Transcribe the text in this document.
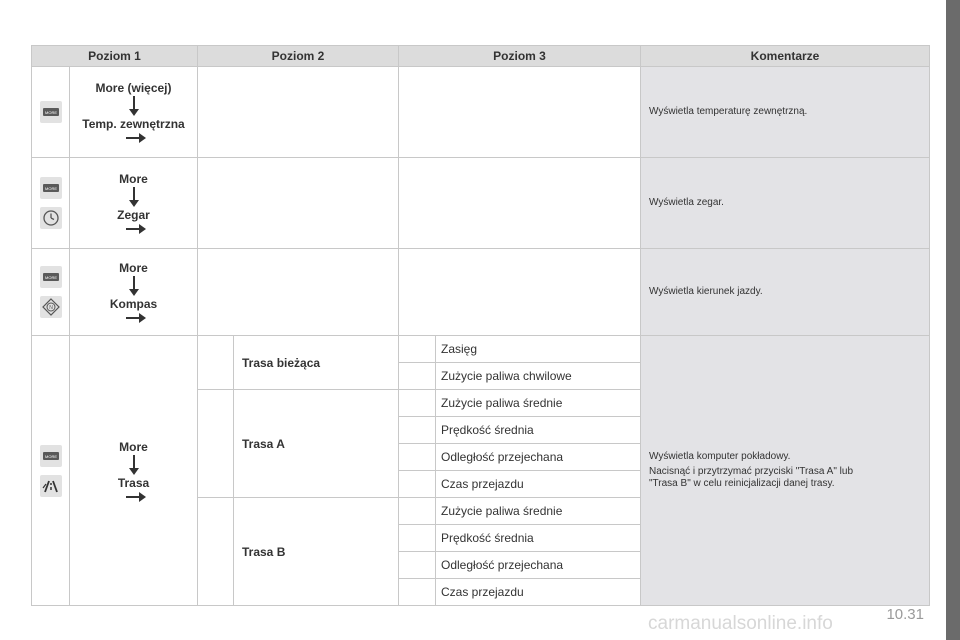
Poziom 1		Poziom 2		Poziom 3		Komentarze

MORE	More (więcej)
Temp. zewnętrzna					Wyświetla temperaturę zewnętrzną.

MORE	More
Zegar					Wyświetla zegar.

MORE

N	More
Kompas					Wyświetla kierunek jazdy.

MORE	More
Trasa		Trasa bieżąca		Zasięg	Wyświetla komputer pokładowy.
Nacisnąć i przytrzymać przyciski "Trasa A" lub
"Trasa B" w celu reinicjalizacji danej trasy.

					Zużycie paliwa chwilowe	
			Trasa A		Zużycie paliwa średnie	
					Prędkość średnia	
					Odległość przejechana	
					Czas przejazdu	
			Trasa B		Zużycie paliwa średnie	
					Prędkość średnia	
					Odległość przejechana	
					Czas przejazdu	
carmanualsonline.info	10.31
